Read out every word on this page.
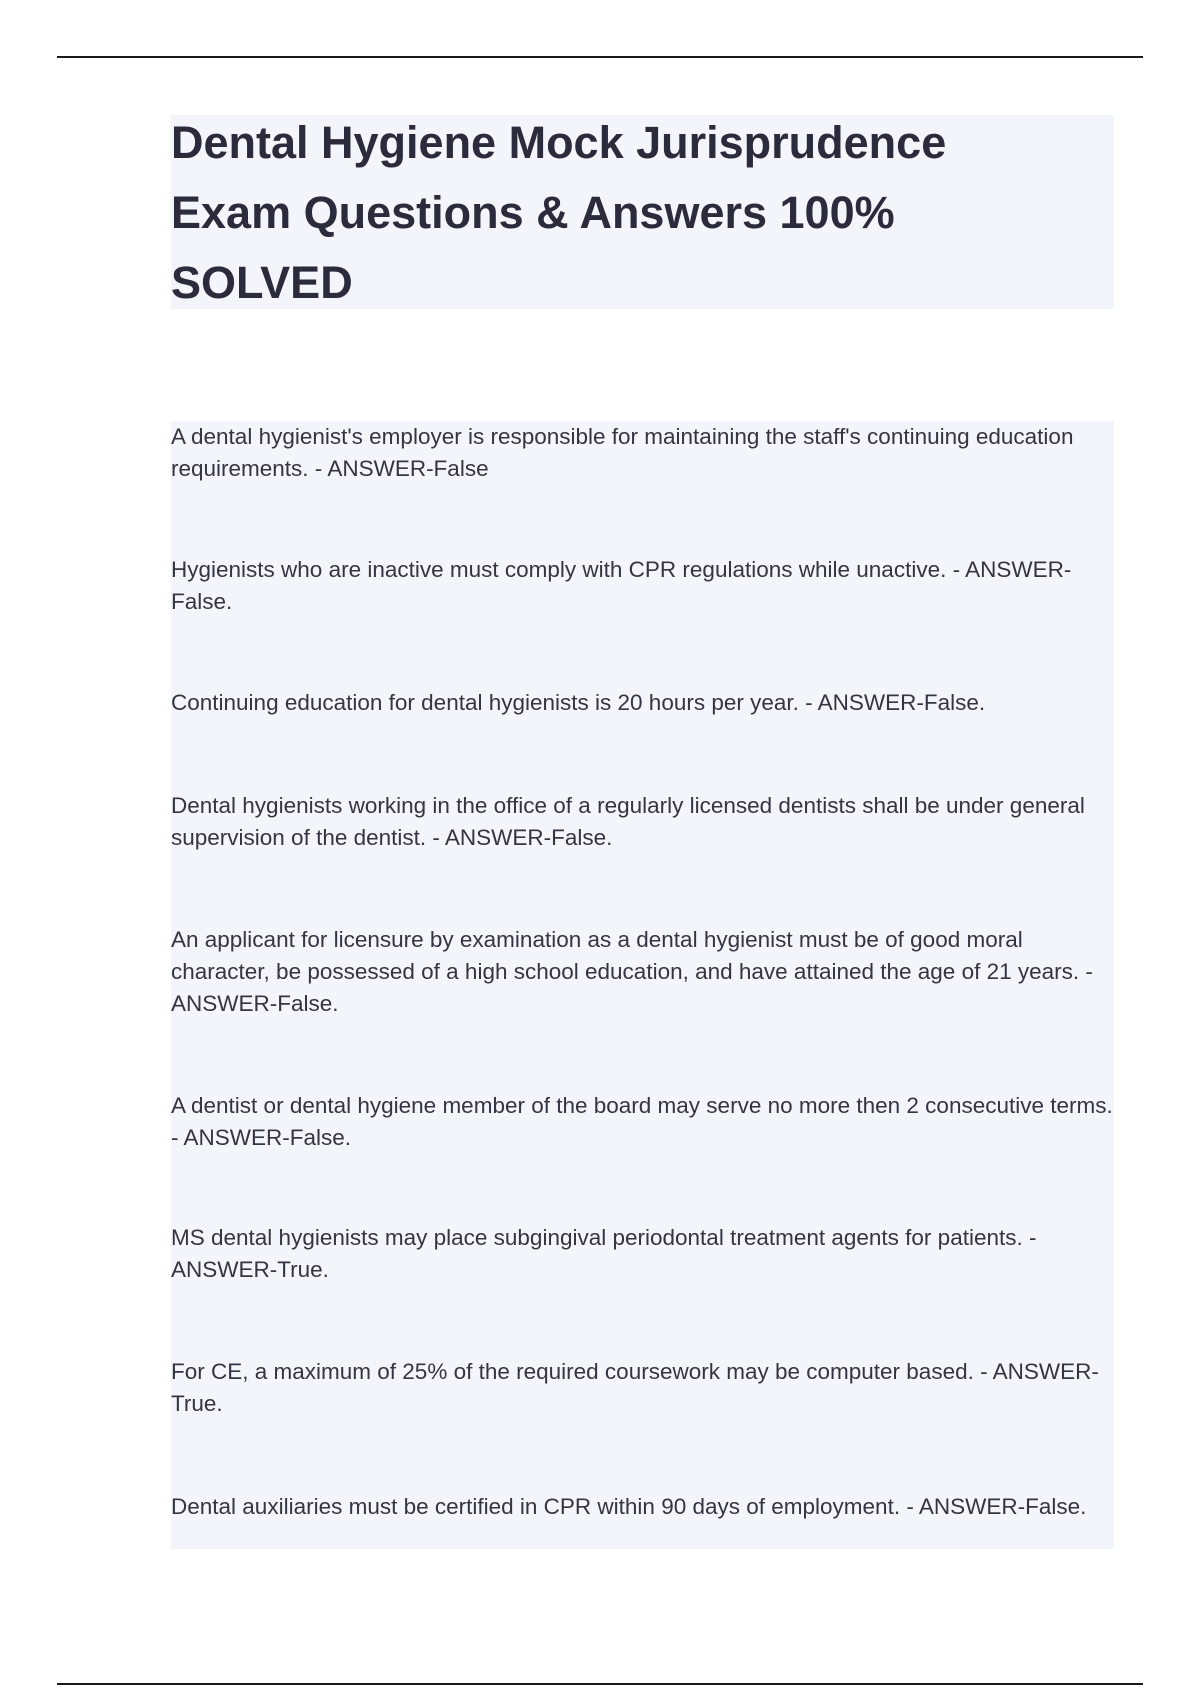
Dental Hygiene Mock Jurisprudence
Exam Questions & Answers 100%
SOLVED

A dental hygienist's employer is responsible for maintaining the staff's continuing education requirements. - ANSWER-False

Hygienists who are inactive must comply with CPR regulations while unactive. - ANSWER-False.

Continuing education for dental hygienists is 20 hours per year. - ANSWER-False.

Dental hygienists working in the office of a regularly licensed dentists shall be under general supervision of the dentist. - ANSWER-False.

An applicant for licensure by examination as a dental hygienist must be of good moral character, be possessed of a high school education, and have attained the age of 21 years. - ANSWER-False.

A dentist or dental hygiene member of the board may serve no more then 2 consecutive terms. - ANSWER-False.

MS dental hygienists may place subgingival periodontal treatment agents for patients. - ANSWER-True.

For CE, a maximum of 25% of the required coursework may be computer based. - ANSWER-True.

Dental auxiliaries must be certified in CPR within 90 days of employment. - ANSWER-False.
